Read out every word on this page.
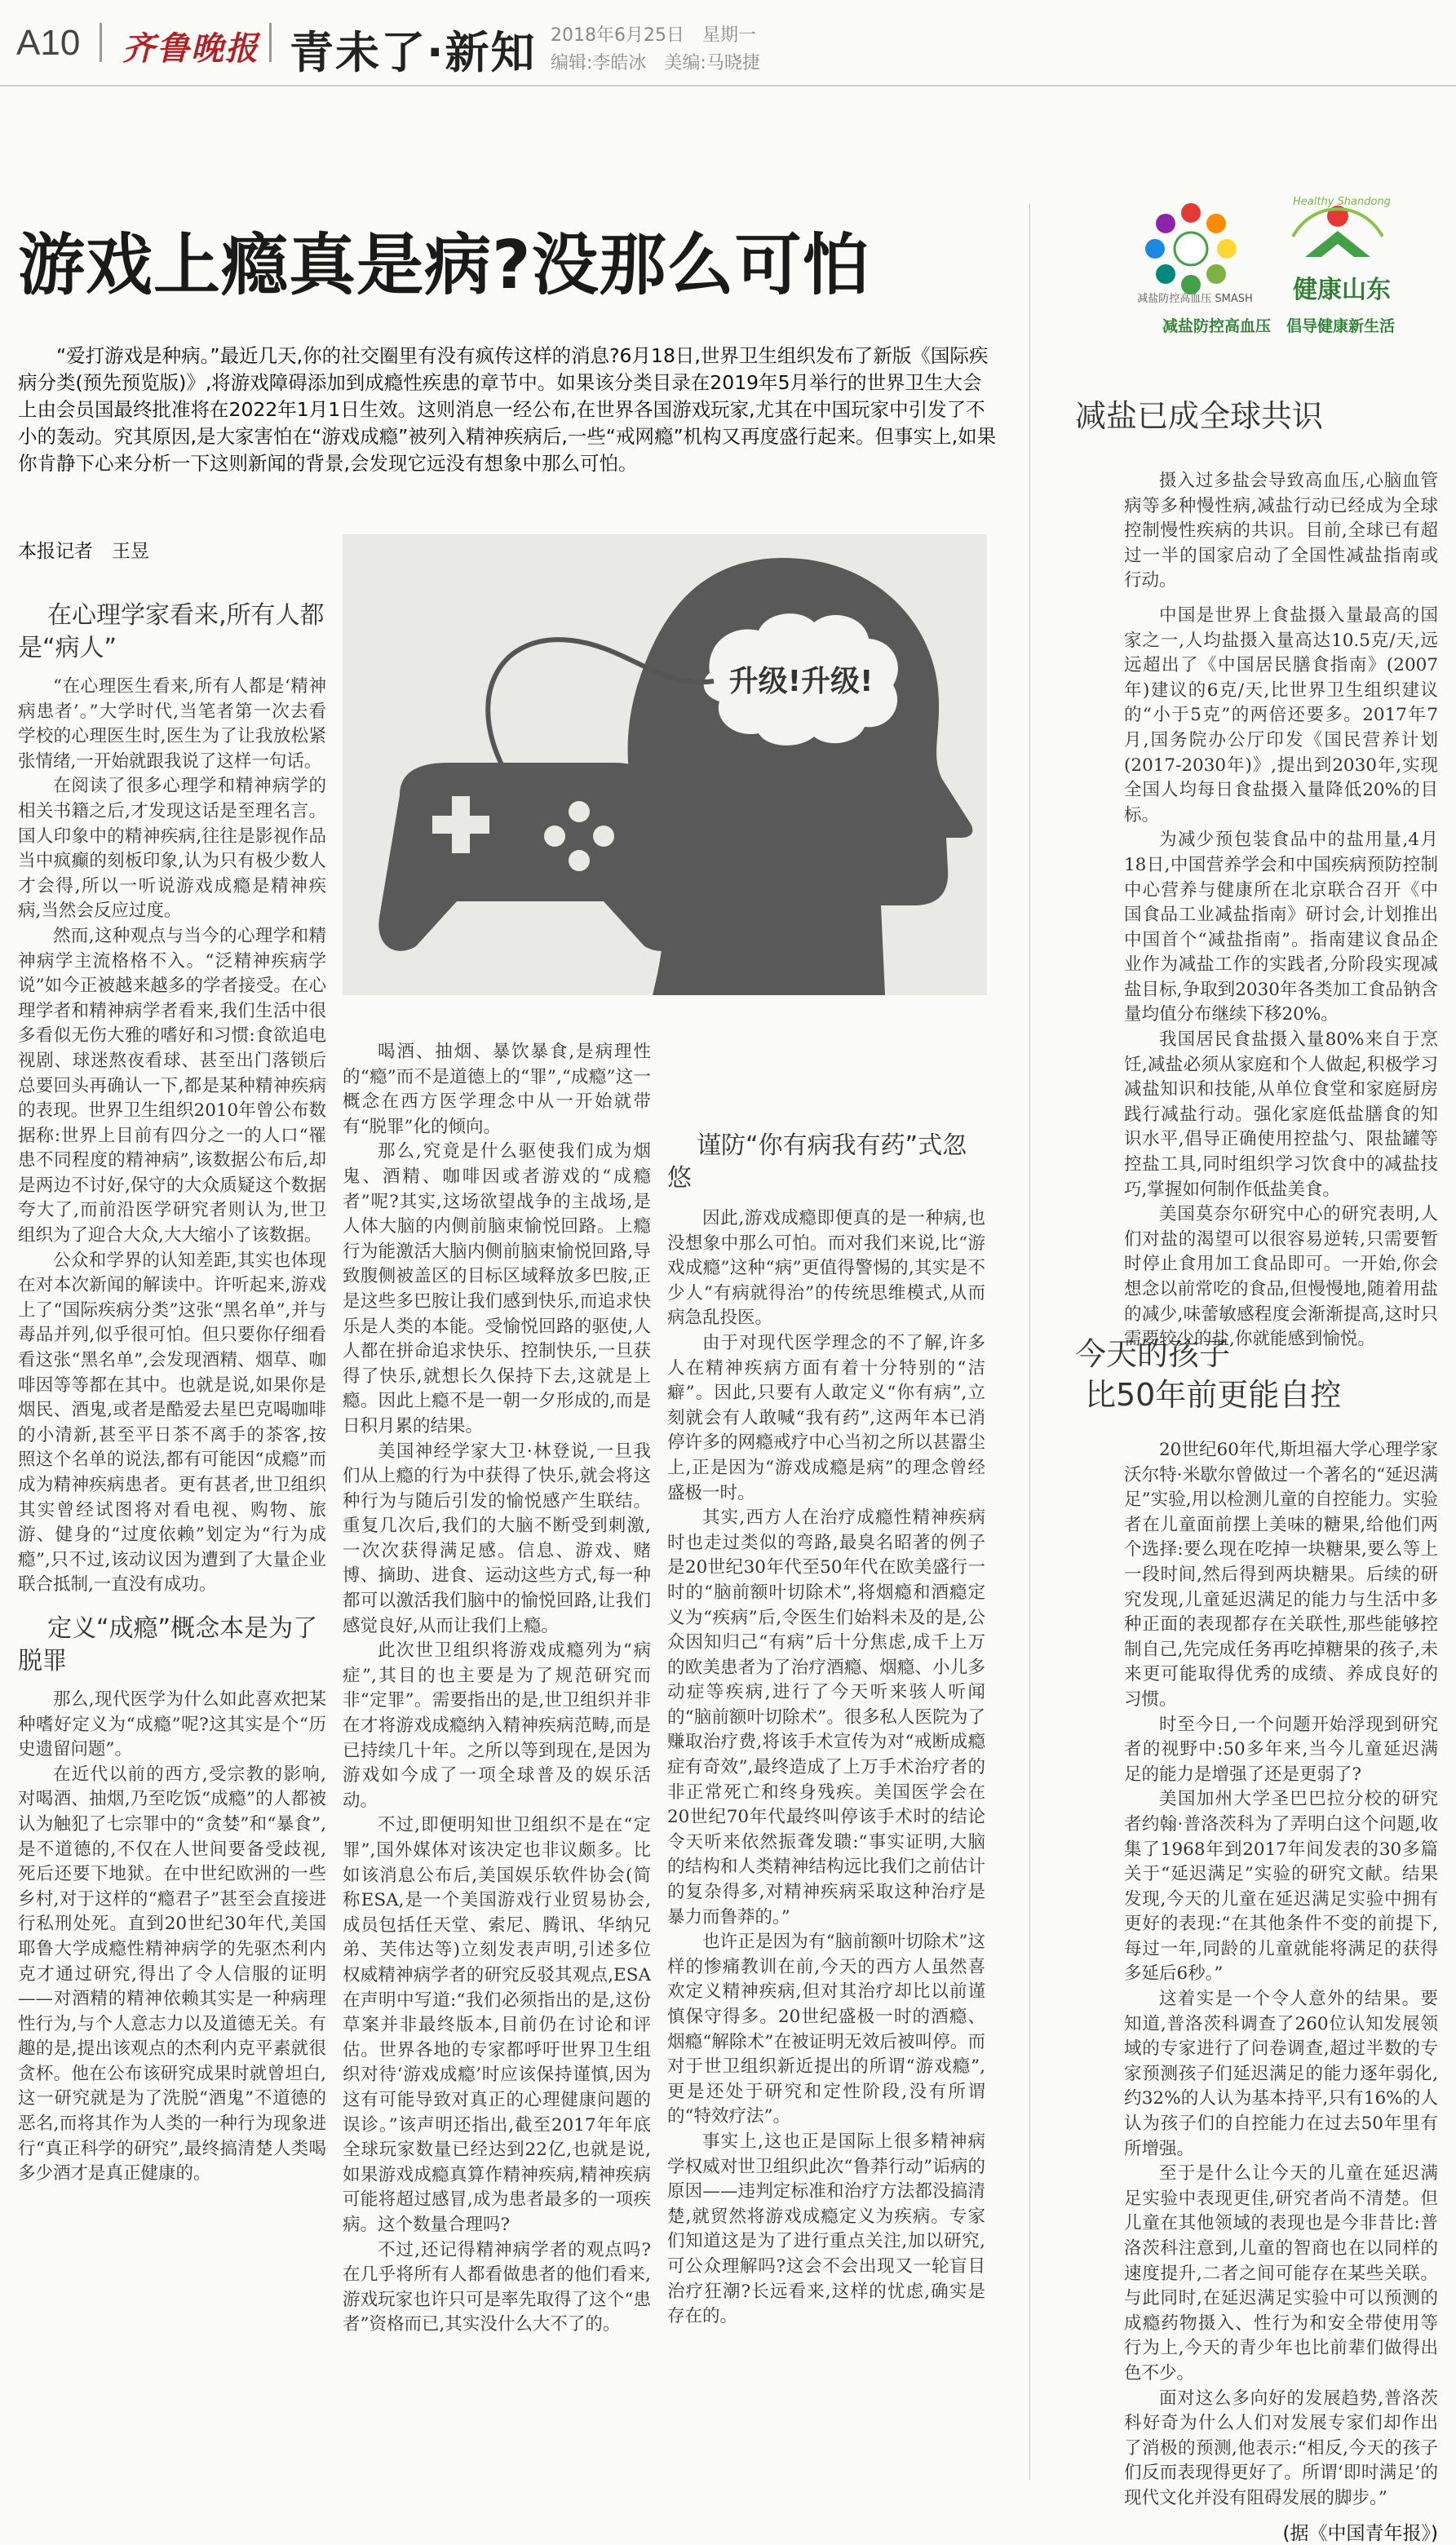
A10 齐鲁晚报 青未了·新知 2018年6月25日　星期一
编辑:李皓冰　美编:马晓捷
游戏上瘾真是病?没那么可怕
“爱打游戏是种病。”最近几天,你的社交圈里有没有疯传这样的消息?6月18日,世界卫生组织发布了新版《国际疾病分类(预先预览版)》,将游戏障碍添加到成瘾性疾患的章节中。如果该分类目录在2019年5月举行的世界卫生大会上由会员国最终批准将在2022年1月1日生效。这则消息一经公布,在世界各国游戏玩家,尤其在中国玩家中引发了不小的轰动。究其原因,是大家害怕在“游戏成瘾”被列入精神疾病后,一些“戒网瘾”机构又再度盛行起来。但事实上,如果你肯静下心来分析一下这则新闻的背景,会发现它远没有想象中那么可怕。
本报记者　王昱
升级!升级!
在心理学家看来,所有人都是“病人”

“在心理医生看来,所有人都是‘精神病患者’。”大学时代,当笔者第一次去看学校的心理医生时,医生为了让我放松紧张情绪,一开始就跟我说了这样一句话。

在阅读了很多心理学和精神病学的相关书籍之后,才发现这话是至理名言。国人印象中的精神疾病,往往是影视作品当中疯癫的刻板印象,认为只有极少数人才会得,所以一听说游戏成瘾是精神疾病,当然会反应过度。

然而,这种观点与当今的心理学和精神病学主流格格不入。“泛精神疾病学说”如今正被越来越多的学者接受。在心理学者和精神病学者看来,我们生活中很多看似无伤大雅的嗜好和习惯:食欲追电视剧、球迷熬夜看球、甚至出门落锁后总要回头再确认一下,都是某种精神疾病的表现。世界卫生组织2010年曾公布数据称:世界上目前有四分之一的人口“罹患不同程度的精神病”,该数据公布后,却是两边不讨好,保守的大众质疑这个数据夸大了,而前沿医学研究者则认为,世卫组织为了迎合大众,大大缩小了该数据。

公众和学界的认知差距,其实也体现在对本次新闻的解读中。许听起来,游戏上了“国际疾病分类”这张“黑名单”,并与毒品并列,似乎很可怕。但只要你仔细看看这张“黑名单”,会发现酒精、烟草、咖啡因等等都在其中。也就是说,如果你是烟民、酒鬼,或者是酷爱去星巴克喝咖啡的小清新,甚至平日茶不离手的茶客,按照这个名单的说法,都有可能因“成瘾”而成为精神疾病患者。更有甚者,世卫组织其实曾经试图将对看电视、购物、旅游、健身的“过度依赖”划定为“行为成瘾”,只不过,该动议因为遭到了大量企业联合抵制,一直没有成功。

定义“成瘾”概念本是为了脱罪

那么,现代医学为什么如此喜欢把某种嗜好定义为“成瘾”呢?这其实是个“历史遗留问题”。

在近代以前的西方,受宗教的影响,对喝酒、抽烟,乃至吃饭“成瘾”的人都被认为触犯了七宗罪中的“贪婪”和“暴食”,是不道德的,不仅在人世间要备受歧视,死后还要下地狱。在中世纪欧洲的一些乡村,对于这样的“瘾君子”甚至会直接进行私刑处死。直到20世纪30年代,美国耶鲁大学成瘾性精神病学的先驱杰利内克才通过研究,得出了令人信服的证明——对酒精的精神依赖其实是一种病理性行为,与个人意志力以及道德无关。有趣的是,提出该观点的杰利内克平素就很贪杯。他在公布该研究成果时就曾坦白,这一研究就是为了洗脱“酒鬼”不道德的恶名,而将其作为人类的一种行为现象进行“真正科学的研究”,最终搞清楚人类喝多少酒才是真正健康的。

喝酒、抽烟、暴饮暴食,是病理性的“瘾”而不是道德上的“罪”,“成瘾”这一概念在西方医学理念中从一开始就带有“脱罪”化的倾向。

那么,究竟是什么驱使我们成为烟鬼、酒精、咖啡因或者游戏的“成瘾者”呢?其实,这场欲望战争的主战场,是人体大脑的内侧前脑束愉悦回路。上瘾行为能激活大脑内侧前脑束愉悦回路,导致腹侧被盖区的目标区域释放多巴胺,正是这些多巴胺让我们感到快乐,而追求快乐是人类的本能。受愉悦回路的驱使,人人都在拼命追求快乐、控制快乐,一旦获得了快乐,就想长久保持下去,这就是上瘾。因此上瘾不是一朝一夕形成的,而是日积月累的结果。

美国神经学家大卫·林登说,一旦我们从上瘾的行为中获得了快乐,就会将这种行为与随后引发的愉悦感产生联结。重复几次后,我们的大脑不断受到刺激,一次次获得满足感。信息、游戏、赌博、摘助、进食、运动这些方式,每一种都可以激活我们脑中的愉悦回路,让我们感觉良好,从而让我们上瘾。

此次世卫组织将游戏成瘾列为“病症”,其目的也主要是为了规范研究而非“定罪”。需要指出的是,世卫组织并非在才将游戏成瘾纳入精神疾病范畴,而是已持续几十年。之所以等到现在,是因为游戏如今成了一项全球普及的娱乐活动。

不过,即便明知世卫组织不是在“定罪”,国外媒体对该决定也非议颇多。比如该消息公布后,美国娱乐软件协会(简称ESA,是一个美国游戏行业贸易协会,成员包括任天堂、索尼、腾讯、华纳兄弟、芙伟达等)立刻发表声明,引述多位权威精神病学者的研究反驳其观点,ESA在声明中写道:“我们必须指出的是,这份草案并非最终版本,目前仍在讨论和评估。世界各地的专家都呼吁世界卫生组织对待‘游戏成瘾’时应该保持谨慎,因为这有可能导致对真正的心理健康问题的误诊。”该声明还指出,截至2017年年底全球玩家数量已经达到22亿,也就是说,如果游戏成瘾真算作精神疾病,精神疾病可能将超过感冒,成为患者最多的一项疾病。这个数量合理吗?

不过,还记得精神病学者的观点吗?在几乎将所有人都看做患者的他们看来,游戏玩家也许只可是率先取得了这个“患者”资格而已,其实没什么大不了的。

谨防“你有病我有药”式忽悠

因此,游戏成瘾即便真的是一种病,也没想象中那么可怕。而对我们来说,比“游戏成瘾”这种“病”更值得警惕的,其实是不少人“有病就得治”的传统思维模式,从而病急乱投医。

由于对现代医学理念的不了解,许多人在精神疾病方面有着十分特别的“洁癖”。因此,只要有人敢定义“你有病”,立刻就会有人敢喊“我有药”,这两年本已消停许多的网瘾戒疗中心当初之所以甚嚣尘上,正是因为“游戏成瘾是病”的理念曾经盛极一时。

其实,西方人在治疗成瘾性精神疾病时也走过类似的弯路,最臭名昭著的例子是20世纪30年代至50年代在欧美盛行一时的“脑前额叶切除术”,将烟瘾和酒瘾定义为“疾病”后,令医生们始料未及的是,公众因知归己“有病”后十分焦虑,成千上万的欧美患者为了治疗酒瘾、烟瘾、小儿多动症等疾病,进行了今天听来骇人听闻的“脑前额叶切除术”。很多私人医院为了赚取治疗费,将该手术宣传为对“戒断成瘾症有奇效”,最终造成了上万手术治疗者的非正常死亡和终身残疾。美国医学会在20世纪70年代最终叫停该手术时的结论令天听来依然振聋发聩:“事实证明,大脑的结构和人类精神结构远比我们之前估计的复杂得多,对精神疾病采取这种治疗是暴力而鲁莽的。”

也许正是因为有“脑前额叶切除术”这样的惨痛教训在前,今天的西方人虽然喜欢定义精神疾病,但对其治疗却比以前谨慎保守得多。20世纪盛极一时的酒瘾、烟瘾“解除术”在被证明无效后被叫停。而对于世卫组织新近提出的所谓“游戏瘾”,更是还处于研究和定性阶段,没有所谓的“特效疗法”。

事实上,这也正是国际上很多精神病学权威对世卫组织此次“鲁莽行动”诟病的原因——违判定标准和治疗方法都没搞清楚,就贸然将游戏成瘾定义为疾病。专家们知道这是为了进行重点关注,加以研究,可公众理解吗?这会不会出现又一轮盲目治疗狂潮?长远看来,这样的忧虑,确实是存在的。

减盐防控高血压 SMASH	健康山东
Healthy Shandong
减盐防控高血压　倡导健康新生活
减盐已成全球共识

摄入过多盐会导致高血压,心脑血管病等多种慢性病,减盐行动已经成为全球控制慢性疾病的共识。目前,全球已有超过一半的国家启动了全国性减盐指南或行动。

中国是世界上食盐摄入量最高的国家之一,人均盐摄入量高达10.5克/天,远远超出了《中国居民膳食指南》(2007年)建议的6克/天,比世界卫生组织建议的“小于5克”的两倍还要多。2017年7月,国务院办公厅印发《国民营养计划(2017-2030年)》,提出到2030年,实现全国人均每日食盐摄入量降低20%的目标。

为减少预包装食品中的盐用量,4月18日,中国营养学会和中国疾病预防控制中心营养与健康所在北京联合召开《中国食品工业减盐指南》研讨会,计划推出中国首个“减盐指南”。指南建议食品企业作为减盐工作的实践者,分阶段实现减盐目标,争取到2030年各类加工食品钠含量均值分布继续下移20%。

我国居民食盐摄入量80%来自于烹饪,减盐必须从家庭和个人做起,积极学习减盐知识和技能,从单位食堂和家庭厨房践行减盐行动。强化家庭低盐膳食的知识水平,倡导正确使用控盐勺、限盐罐等控盐工具,同时组织学习饮食中的减盐技巧,掌握如何制作低盐美食。

美国莫奈尔研究中心的研究表明,人们对盐的渴望可以很容易逆转,只需要暂时停止食用加工食品即可。一开始,你会想念以前常吃的食品,但慢慢地,随着用盐的减少,味蕾敏感程度会渐渐提高,这时只需要较少的盐,你就能感到愉悦。

今天的孩子
比50年前更能自控

20世纪60年代,斯坦福大学心理学家沃尔特·米歇尔曾做过一个著名的“延迟满足”实验,用以检测儿童的自控能力。实验者在儿童面前摆上美味的糖果,给他们两个选择:要么现在吃掉一块糖果,要么等上一段时间,然后得到两块糖果。后续的研究发现,儿童延迟满足的能力与生活中多种正面的表现都存在关联性,那些能够控制自己,先完成任务再吃掉糖果的孩子,未来更可能取得优秀的成绩、养成良好的习惯。

时至今日,一个问题开始浮现到研究者的视野中:50多年来,当今儿童延迟满足的能力是增强了还是更弱了?

美国加州大学圣巴巴拉分校的研究者约翰·普洛茨科为了弄明白这个问题,收集了1968年到2017年间发表的30多篇关于“延迟满足”实验的研究文献。结果发现,今天的儿童在延迟满足实验中拥有更好的表现:“在其他条件不变的前提下,每过一年,同龄的儿童就能将满足的获得多延后6秒。”

这着实是一个令人意外的结果。要知道,普洛茨科调查了260位认知发展领域的专家进行了问卷调查,超过半数的专家预测孩子们延迟满足的能力逐年弱化,约32%的人认为基本持平,只有16%的人认为孩子们的自控能力在过去50年里有所增强。

至于是什么让今天的儿童在延迟满足实验中表现更佳,研究者尚不清楚。但儿童在其他领域的表现也是今非昔比:普洛茨科注意到,儿童的智商也在以同样的速度提升,二者之间可能存在某些关联。与此同时,在延迟满足实验中可以预测的成瘾药物摄入、性行为和安全带使用等行为上,今天的青少年也比前辈们做得出色不少。

面对这么多向好的发展趋势,普洛茨科好奇为什么人们对发展专家们却作出了消极的预测,他表示:“相反,今天的孩子们反而表现得更好了。所谓‘即时满足’的现代文化并没有阻碍发展的脚步。”

(据《中国青年报》)
